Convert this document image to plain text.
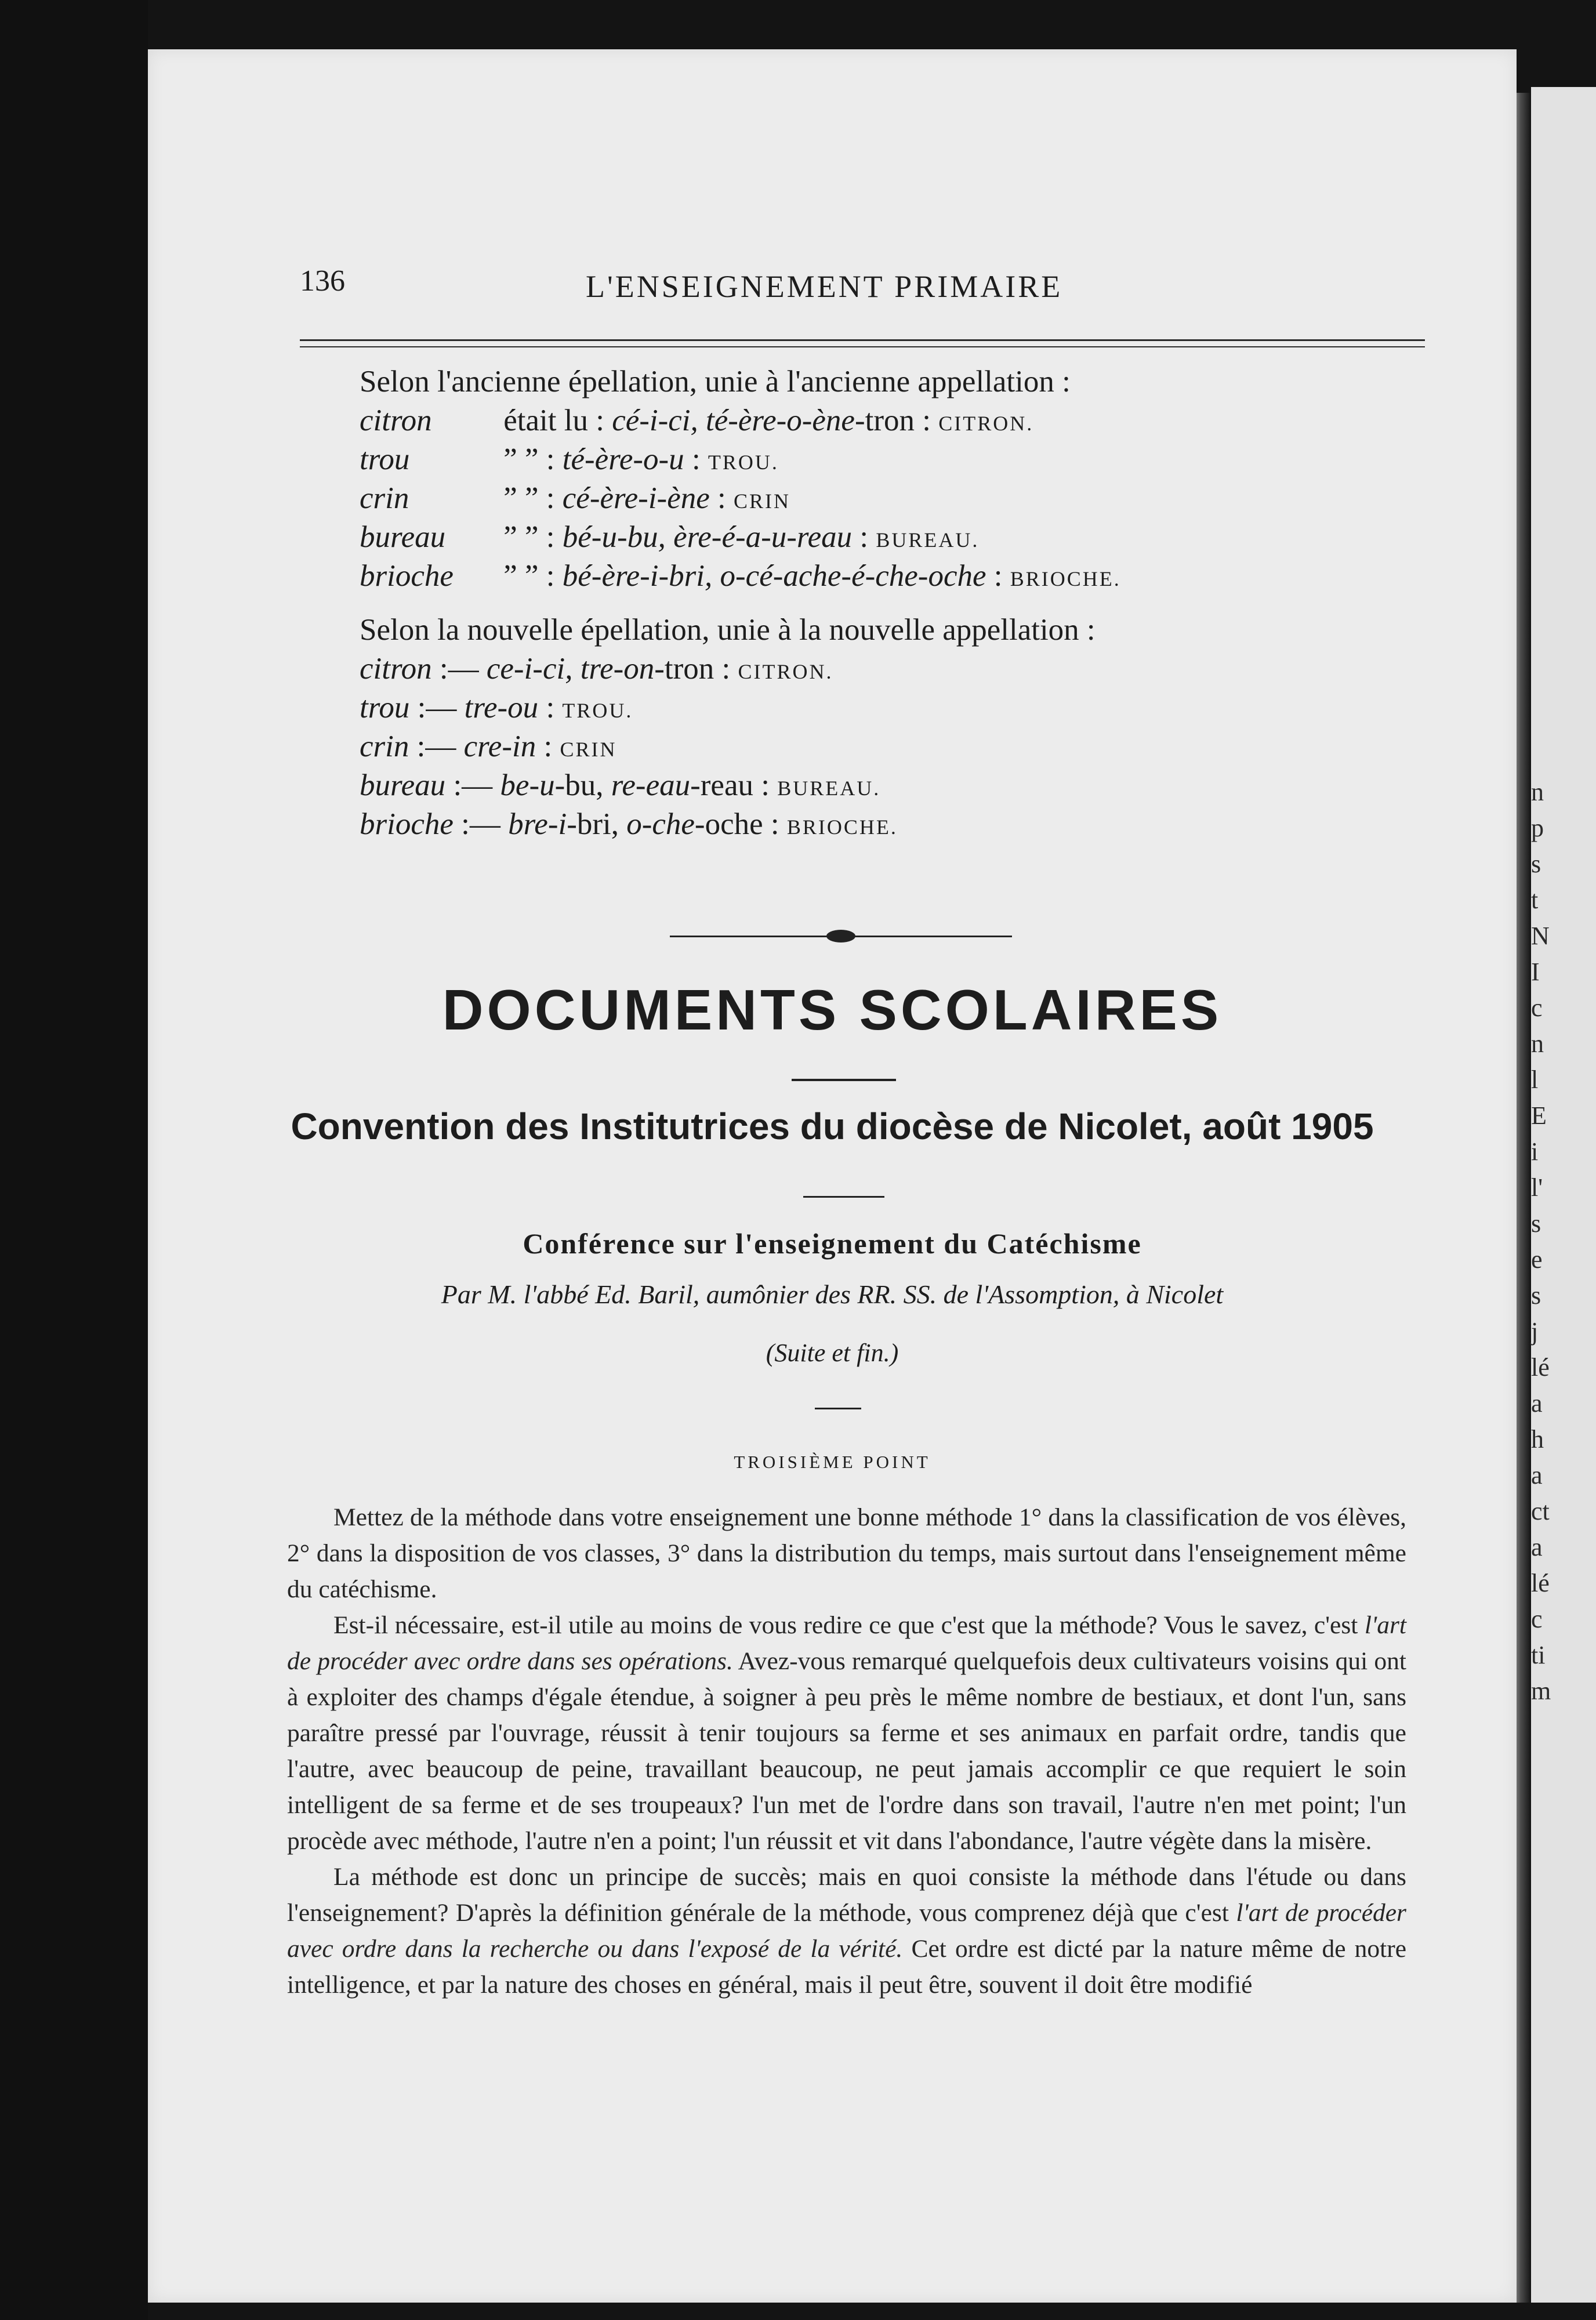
n
p
s
t
N
I
c
n
l
E
i
l'
s
e
s
j
lé
a
h
a
ct
a
lé
c
ti
m
136	L'ENSEIGNEMENT PRIMAIRE
Selon l'ancienne épellation, unie à l'ancienne appellation :
citron était lu : cé-i-ci, té-ère-o-ène-tron : CITRON.
trou	” ” : té-ère-o-u : TROU.
crin	” ” : cé-ère-i-ène : CRIN
bureau ” ” : bé-u-bu, ère-é-a-u-reau : BUREAU.
brioche ” ” : bé-ère-i-bri, o-cé-ache-é-che-oche : BRIOCHE.
Selon la nouvelle épellation, unie à la nouvelle appellation :
citron :— ce-i-ci, tre-on-tron : CITRON.
trou :— tre-ou : TROU.
crin :— cre-in : CRIN
bureau :— be-u-bu, re-eau-reau : BUREAU.
brioche :— bre-i-bri, o-che-oche : BRIOCHE.
DOCUMENTS SCOLAIRES
Convention des Institutrices du diocèse de Nicolet, août 1905
Conférence sur l'enseignement du Catéchisme
Par M. l'abbé Ed. Baril, aumônier des RR. SS. de l'Assomption, à Nicolet
(Suite et fin.)
TROISIÈME POINT

Mettez de la méthode dans votre enseignement une bonne méthode 1° dans la classification de vos élèves, 2° dans la disposition de vos classes, 3° dans la distribution du temps, mais surtout dans l'enseignement même du catéchisme.

Est-il nécessaire, est-il utile au moins de vous redire ce que c'est que la méthode? Vous le savez, c'est l'art de procéder avec ordre dans ses opérations. Avez-vous remarqué quelquefois deux cultivateurs voisins qui ont à exploiter des champs d'égale étendue, à soigner à peu près le même nombre de bestiaux, et dont l'un, sans paraître pressé par l'ouvrage, réussit à tenir toujours sa ferme et ses animaux en parfait ordre, tandis que l'autre, avec beaucoup de peine, travaillant beaucoup, ne peut jamais accomplir ce que requiert le soin intelligent de sa ferme et de ses troupeaux? l'un met de l'ordre dans son travail, l'autre n'en met point; l'un procède avec méthode, l'autre n'en a point; l'un réussit et vit dans l'abondance, l'autre végète dans la misère.

La méthode est donc un principe de succès; mais en quoi consiste la méthode dans l'étude ou dans l'enseignement? D'après la définition générale de la méthode, vous comprenez déjà que c'est l'art de procéder avec ordre dans la recherche ou dans l'exposé de la vérité. Cet ordre est dicté par la nature même de notre intelligence, et par la nature des choses en général, mais il peut être, souvent il doit être modifié
